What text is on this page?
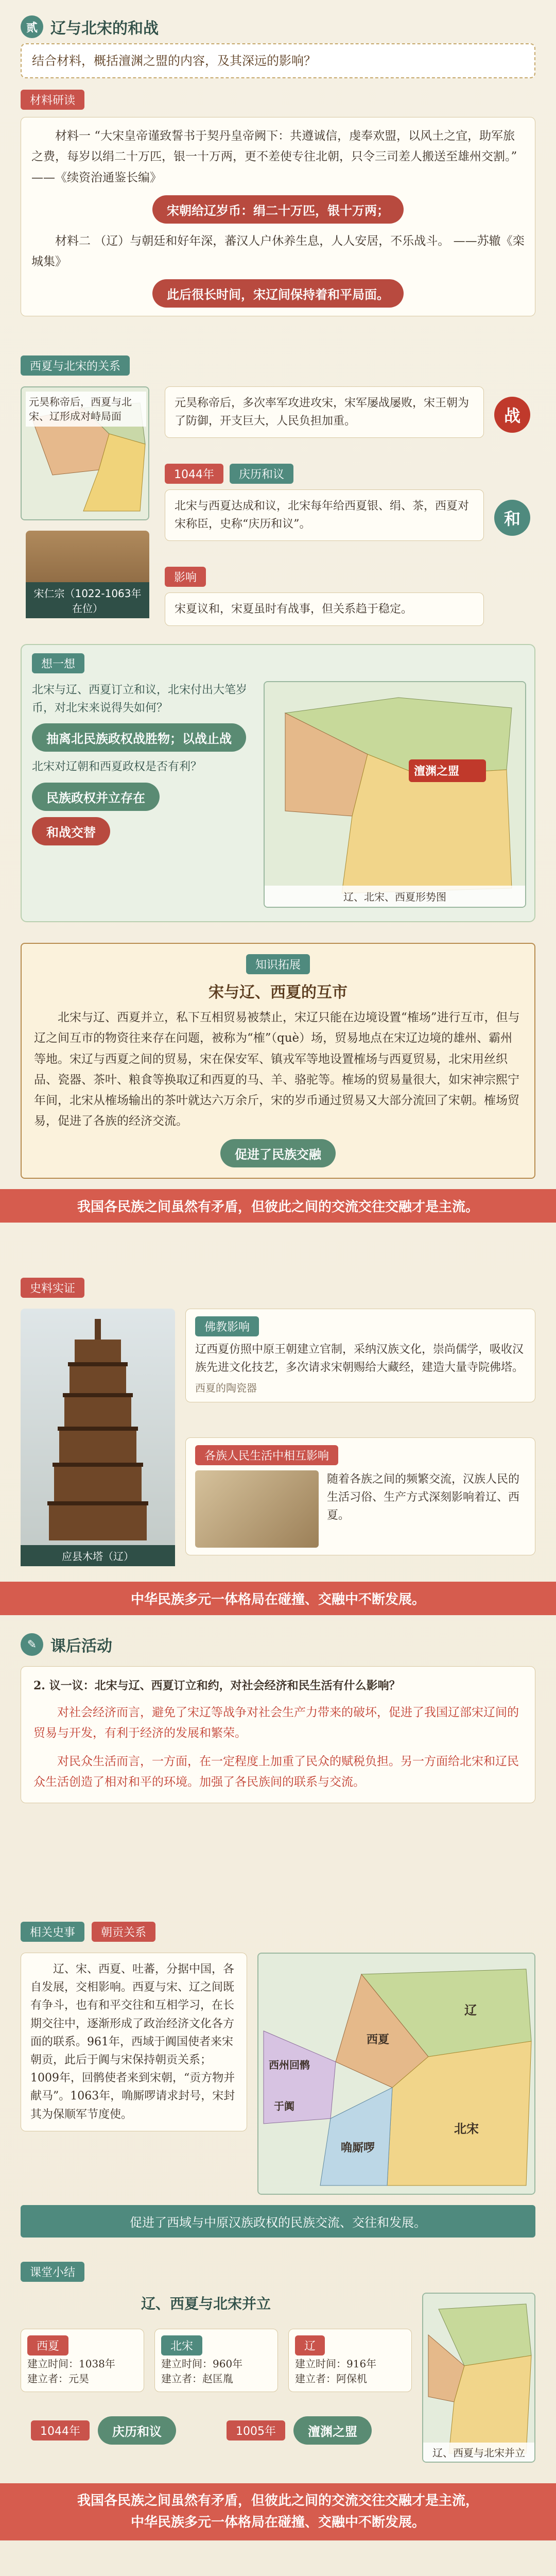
贰 辽与北宋的和战
结合材料，概括澶渊之盟的内容，及其深远的影响？
材料研读

材料一 “大宋皇帝谨致誓书于契丹皇帝阙下：共遵诚信，虔奉欢盟，以风土之宜，助军旅之费，每岁以绢二十万匹，银一十万两，更不差使专往北朝，只令三司差人搬送至雄州交割。” ——《续资治通鉴长编》

宋朝给辽岁币：绢二十万匹，银十万两；

材料二 （辽）与朝廷和好年深，蕃汉人户休养生息，人人安居，不乐战斗。 ——苏辙《栾城集》

此后很长时间，宋辽间保持着和平局面。
西夏与北宋的关系
元昊称帝后，西夏与北宋、辽形成对峙局面
宋仁宗（1022-1063年在位）

元昊称帝后，多次率军攻进攻宋，宋军屡战屡败，宋王朝为了防御，开支巨大，人民负担加重。	战
1044年	庆历和议

北宋与西夏达成和议，北宋每年给西夏银、绢、茶，西夏对宋称臣，史称“庆历和议”。	和
影响

宋夏议和，宋夏虽时有战事，但关系趋于稳定。

想一想

北宋与辽、西夏订立和议，北宋付出大笔岁币，对北宋来说得失如何？

抽离北民族政权战胜物；以战止战

北宋对辽朝和西夏政权是否有利？

民族政权并立存在
和战交替
澶渊之盟
辽、北宋、西夏形势图
知识拓展
宋与辽、西夏的互市

北宋与辽、西夏并立，私下互相贸易被禁止，宋辽只能在边境设置“榷场”进行互市，但与辽之间互市的物资往来存在问题，被称为“榷”（què）场，贸易地点在宋辽边境的雄州、霸州等地。宋辽与西夏之间的贸易，宋在保安军、镇戎军等地设置榷场与西夏贸易，北宋用丝织品、瓷器、茶叶、粮食等换取辽和西夏的马、羊、骆驼等。榷场的贸易量很大，如宋神宗熙宁年间，北宋从榷场输出的茶叶就达六万余斤，宋的岁币通过贸易又大部分流回了宋朝。榷场贸易，促进了各族的经济交流。

促进了民族交融
我国各民族之间虽然有矛盾，但彼此之间的交流交往交融才是主流。
史料实证
应县木塔（辽）
佛教影响

辽西夏仿照中原王朝建立官制，采纳汉族文化，崇尚儒学，吸收汉族先进文化技艺，多次请求宋朝赐给大藏经，建造大量寺院佛塔。

西夏的陶瓷器

各族人民生活中相互影响

随着各族之间的频繁交流，汉族人民的生活习俗、生产方式深刻影响着辽、西夏。

中华民族多元一体格局在碰撞、交融中不断发展。
✎ 课后活动

2. 议一议：北宋与辽、西夏订立和约，对社会经济和民生活有什么影响？

对社会经济而言，避免了宋辽等战争对社会生产力带来的破坏，促进了我国辽部宋辽间的贸易与开发，有利于经济的发展和繁荣。

对民众生活而言，一方面，在一定程度上加重了民众的赋税负担。另一方面给北宋和辽民众生活创造了相对和平的环境。加强了各民族间的联系与交流。

相关史事	朝贡关系

辽、宋、西夏、吐蕃，分据中国，各自发展，交相影响。西夏与宋、辽之间既有争斗，也有和平交往和互相学习，在长期交往中，逐渐形成了政治经济文化各方面的联系。961年，西域于阗国使者来宋朝贡，此后于阗与宋保持朝贡关系；1009年，回鹘使者来到宋朝，“贡方物并献马”。1063年，唃厮啰请求封号，宋封其为保顺军节度使。

辽
北宋
西夏
唃厮啰
西州回鹘
于阗
促进了西域与中原汉族政权的民族交流、交往和发展。
课堂小结
辽、西夏与北宋并立
西夏

建立时间：1038年

建立者：元昊

北宋

建立时间：960年

建立者：赵匡胤

辽

建立时间：916年

建立者：阿保机

1044年	庆历和议	1005年	澶渊之盟
辽、西夏与北宋并立
我国各民族之间虽然有矛盾，但彼此之间的交流交往交融才是主流，
中华民族多元一体格局在碰撞、交融中不断发展。
